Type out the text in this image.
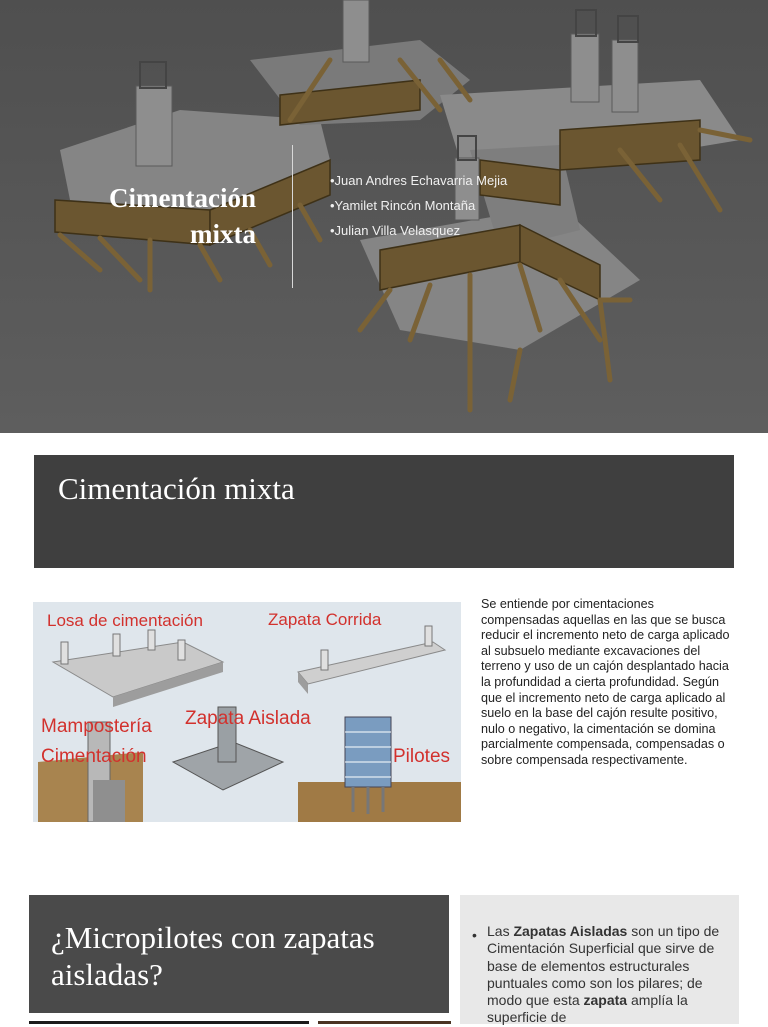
Cimentación mixta
•Juan Andres Echavarria Mejia
•Yamilet Rincón Montaña
•Julian Villa Velasquez
Cimentación mixta
Losa de cimentación	Zapata Corrida
Mampostería
Cimentación
Zapata Aislada
Pilotes

Se entiende por cimentaciones compensadas aquellas en las que se busca reducir el incremento neto de carga aplicado al subsuelo mediante excavaciones del terreno y uso de un cajón desplantado hacia la profundidad a cierta profundidad. Según que el incremento neto de carga aplicado al suelo en la base del cajón resulte positivo, nulo o negativo, la cimentación se domina parcialmente compensada, compensadas o sobre compensada respectivamente.

¿Micropilotes con zapatas aisladas?
• Las Zapatas Aisladas son un tipo de Cimentación Superficial que sirve de base de elementos estructurales puntuales como son los pilares; de modo que esta zapata amplía la superficie de
